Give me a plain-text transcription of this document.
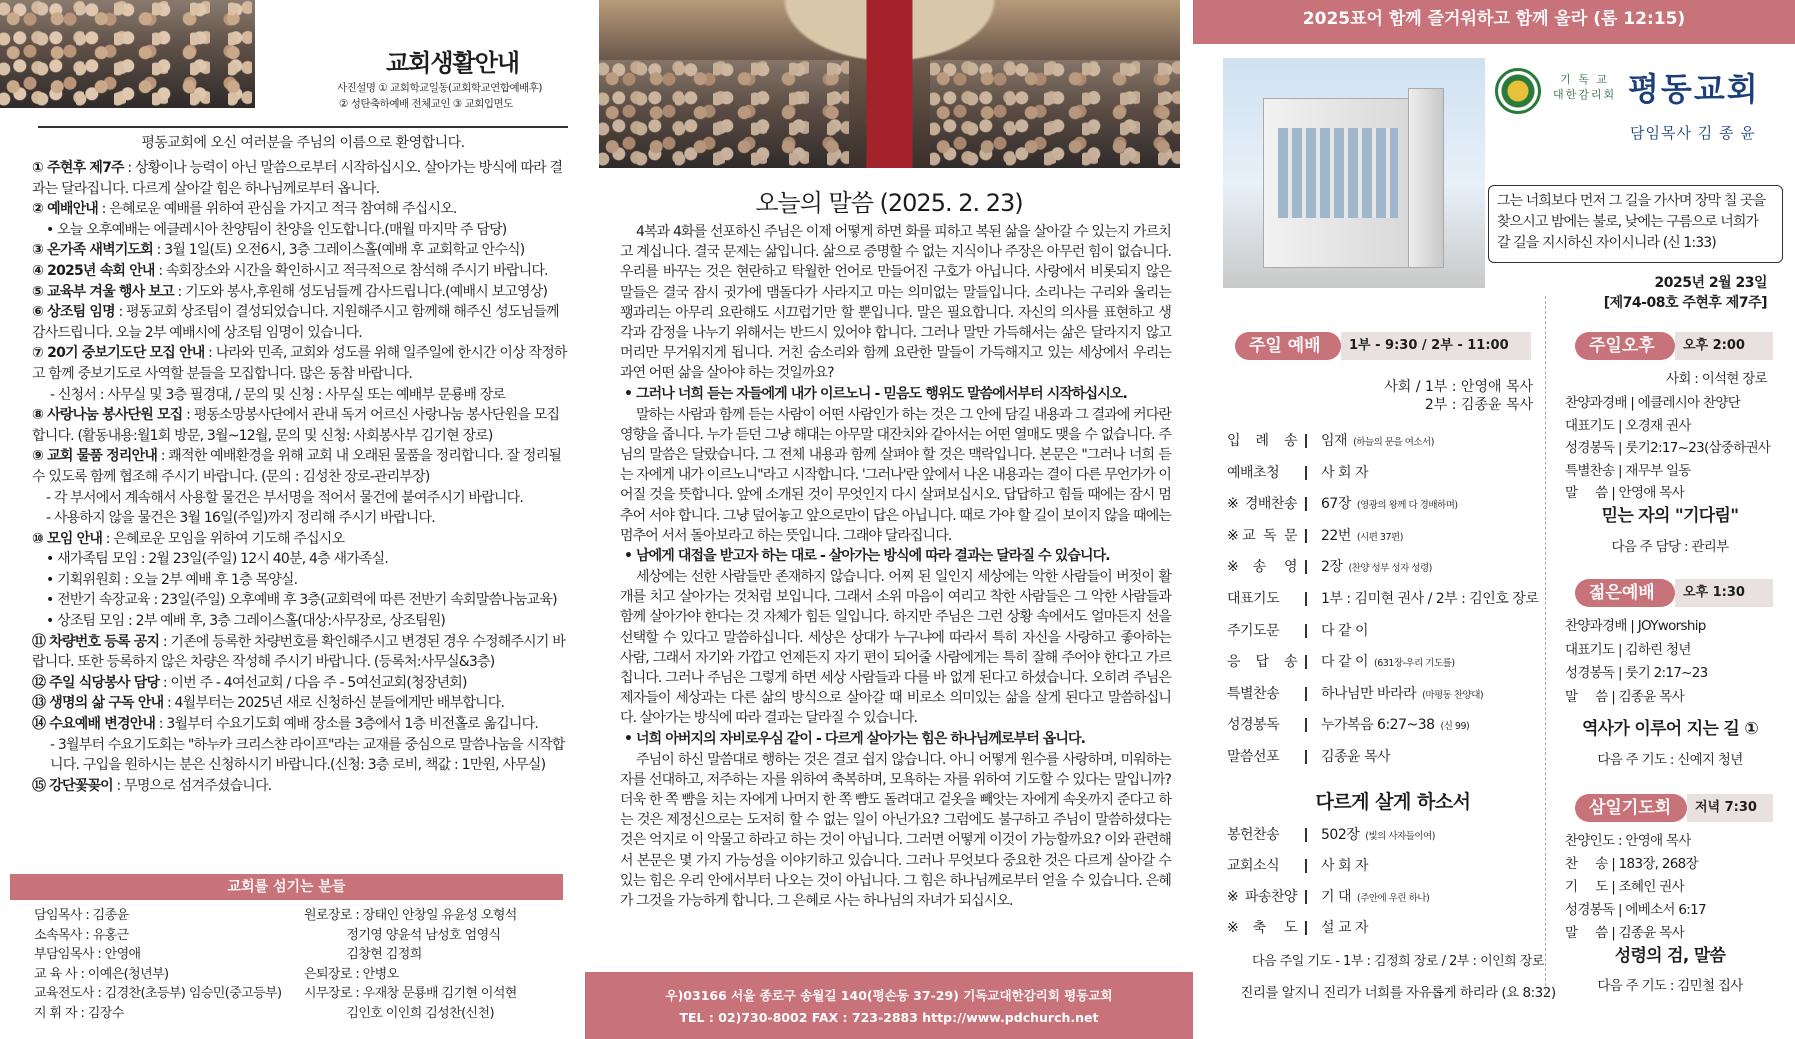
교회생활안내
사진설명 ① 교회학교일동(교회학교연합예배후)
② 성탄축하예배 전체교인 ③ 교회입면도
평동교회에 오신 여러분을 주님의 이름으로 환영합니다.
① 주현후 제7주 : 상황이나 능력이 아닌 말씀으로부터 시작하십시오. 살아가는 방식에 따라 결과는 달라집니다. 다르게 살아갈 힘은 하나님께로부터 옵니다.
② 예배안내 : 은혜로운 예배를 위하여 관심을 가지고 적극 참여해 주십시오.
• 오늘 오후예배는 에클레시아 찬양팀이 찬양을 인도합니다.(매월 마지막 주 담당)
③ 온가족 새벽기도회 : 3월 1일(토) 오전6시, 3층 그레이스홀(예배 후 교회학교 안수식)
④ 2025년 속회 안내 : 속회장소와 시간을 확인하시고 적극적으로 참석해 주시기 바랍니다.
⑤ 교육부 겨울 행사 보고 : 기도와 봉사,후원해 성도님들께 감사드립니다.(예배시 보고영상)
⑥ 상조팀 임명 : 평동교회 상조팀이 결성되었습니다. 지원해주시고 함께해 해주신 성도님들께 감사드립니다. 오늘 2부 예배시에 상조팀 임명이 있습니다.
⑦ 20기 중보기도단 모집 안내 : 나라와 민족, 교회와 성도를 위해 일주일에 한시간 이상 작정하고 함께 중보기도로 사역할 분들을 모집합니다. 많은 동참 바랍니다.
- 신청서 : 사무실 및 3층 필경대, / 문의 및 신청 : 사무실 또는 예배부 문룡배 장로
⑧ 사랑나눔 봉사단원 모집 : 평동소망봉사단에서 관내 독거 어르신 사랑나눔 봉사단원을 모집합니다. (활동내용:월1회 방문, 3월~12월, 문의 및 신청: 사회봉사부 김기현 장로)
⑨ 교회 물품 정리안내 : 쾌적한 예배환경을 위해 교회 내 오래된 물품을 정리합니다. 잘 정리될 수 있도록 함께 협조해 주시기 바랍니다. (문의 : 김성찬 장로-관리부장)
- 각 부서에서 계속해서 사용할 물건은 부서명을 적어서 물건에 붙여주시기 바랍니다.
- 사용하지 않을 물건은 3월 16일(주일)까지 정리해 주시기 바랍니다.
⑩ 모임 안내 : 은혜로운 모임을 위하여 기도해 주십시오
• 새가족팀 모임 : 2월 23일(주일) 12시 40분, 4층 새가족실.
• 기획위원회 : 오늘 2부 예배 후 1층 목양실.
• 전반기 속장교육 : 23일(주일) 오후예배 후 3층(교회력에 따른 전반기 속회말씀나눔교육)
• 상조팀 모임 : 2부 예배 후, 3층 그레이스홀(대상:사무장로, 상조팀원)
⑪ 차량번호 등록 공지 : 기존에 등록한 차량번호를 확인해주시고 변경된 경우 수정해주시기 바랍니다. 또한 등록하지 않은 차량은 작성해 주시기 바랍니다. (등록처:사무실&3층)
⑫ 주일 식당봉사 담당 : 이번 주 - 4여선교회 / 다음 주 - 5여선교회(청장년회)
⑬ 생명의 삶 구독 안내 : 4월부터는 2025년 새로 신청하신 분들에게만 배부합니다.
⑭ 수요예배 변경안내 : 3월부터 수요기도회 예배 장소를 3층에서 1층 비전홀로 옮깁니다.
- 3월부터 수요기도회는 "하누카 크리스챤 라이프"라는 교재를 중심으로 말씀나눔을 시작합니다. 구입을 원하시는 분은 신청하시기 바랍니다.(신청: 3층 로비, 책값 : 1만원, 사무실)
⑮ 강단꽃꽂이 : 무명으로 섬겨주셨습니다.
교회를 섬기는 분들
담임목사 : 김종윤	원로장로 : 장태인 안창일 유윤성 오형석
소속목사 : 유홍근	정기영 양윤석 남성호 엄영식
부담임목사 : 안영애	김창현 김정희
교 육 사 : 이예은(청년부)	은퇴장로 : 안병오
교육전도사 : 김경찬(초등부) 임승민(중고등부)	시무장로 : 우재창 문룡배 김기현 이석현
지 휘 자 : 김장수	김인호 이인희 김성찬(신천)
오늘의 말씀 (2025. 2. 23)
4복과 4화를 선포하신 주님은 이제 어떻게 하면 화를 피하고 복된 삶을 살아갈 수 있는지 가르치고 계십니다. 결국 문제는 삶입니다. 삶으로 증명할 수 없는 지식이나 주장은 아무런 힘이 없습니다. 우리를 바꾸는 것은 현란하고 탁월한 언어로 만들어진 구호가 아닙니다. 사랑에서 비롯되지 않은 말들은 결국 잠시 귓가에 맴돌다가 사라지고 마는 의미없는 말들입니다. 소리나는 구리와 울리는 꽹과리는 아무리 요란해도 시끄럽기만 할 뿐입니다. 말은 필요합니다. 자신의 의사를 표현하고 생각과 감정을 나누기 위해서는 반드시 있어야 합니다. 그러나 말만 가득해서는 삶은 달라지지 않고 머리만 무거워지게 됩니다. 거친 숨소리와 함께 요란한 말들이 가득해지고 있는 세상에서 우리는 과연 어떤 삶을 살아야 하는 것일까요?
• 그러나 너희 듣는 자들에게 내가 이르노니 - 믿음도 행위도 말씀에서부터 시작하십시오.
말하는 사람과 함께 듣는 사람이 어떤 사람인가 하는 것은 그 안에 담길 내용과 그 결과에 커다란 영향을 줍니다. 누가 듣던 그냥 해대는 아무말 대잔치와 같아서는 어떤 열매도 맺을 수 없습니다. 주님의 말씀은 달랐습니다. 그 전체 내용과 함께 살펴야 할 것은 맥락입니다. 본문은 "그러나 너희 듣는 자에게 내가 이르노니"라고 시작합니다. '그러나'란 앞에서 나온 내용과는 결이 다른 무언가가 이어질 것을 뜻합니다. 앞에 소개된 것이 무엇인지 다시 살펴보십시오. 답답하고 힘들 때에는 잠시 멈추어 서야 합니다. 그냥 덮어놓고 앞으로만이 답은 아닙니다. 때로 가야 할 길이 보이지 않을 때에는 멈추어 서서 돌아보라고 하는 뜻입니다. 그래야 달라집니다.
• 남에게 대접을 받고자 하는 대로 - 살아가는 방식에 따라 결과는 달라질 수 있습니다.
세상에는 선한 사람들만 존재하지 않습니다. 어찌 된 일인지 세상에는 악한 사람들이 버젓이 활개를 치고 살아가는 것처럼 보입니다. 그래서 소위 마음이 여리고 착한 사람들은 그 악한 사람들과 함께 살아가야 한다는 것 자체가 힘든 일입니다. 하지만 주님은 그런 상황 속에서도 얼마든지 선을 선택할 수 있다고 말씀하십니다. 세상은 상대가 누구냐에 따라서 특히 자신을 사랑하고 좋아하는 사람, 그래서 자기와 가깝고 언제든지 자기 편이 되어줄 사람에게는 특히 잘해 주어야 한다고 가르칩니다. 그러나 주님은 그렇게 하면 세상 사람들과 다를 바 없게 된다고 하셨습니다. 오히려 주님은 제자들이 세상과는 다른 삶의 방식으로 살아갈 때 비로소 의미있는 삶을 살게 된다고 말씀하십니다. 살아가는 방식에 따라 결과는 달라질 수 있습니다.
• 너희 아버지의 자비로우심 같이 - 다르게 살아가는 힘은 하나님께로부터 옵니다.
주님이 하신 말씀대로 행하는 것은 결코 쉽지 않습니다. 아니 어떻게 원수를 사랑하며, 미워하는 자를 선대하고, 저주하는 자를 위하여 축복하며, 모욕하는 자를 위하여 기도할 수 있다는 말입니까? 더욱 한 쪽 뺨을 치는 자에게 나머지 한 쪽 뺨도 돌려대고 겉옷을 빼앗는 자에게 속옷까지 준다고 하는 것은 제정신으로는 도저히 할 수 없는 일이 아닌가요? 그럼에도 불구하고 주님이 말씀하셨다는 것은 억지로 이 악물고 하라고 하는 것이 아닙니다. 그러면 어떻게 이것이 가능할까요? 이와 관련해서 본문은 몇 가지 가능성을 이야기하고 있습니다. 그러나 무엇보다 중요한 것은 다르게 살아갈 수 있는 힘은 우리 안에서부터 나오는 것이 아닙니다. 그 힘은 하나님께로부터 얻을 수 있습니다. 은혜가 그것을 가능하게 합니다. 그 은혜로 사는 하나님의 자녀가 되십시오.
우)03166 서울 종로구 송월길 140(평손동 37-29) 기독교대한감리회 평동교회
TEL : 02)730-8002 FAX : 723-2883 http://www.pdchurch.net
2025표어 함께 즐거워하고 함께 울라 (롬 12:15)
기 독 교
대한감리회 평동교회
담임목사 김 종 윤
그는 너희보다 먼저 그 길을 가사며 장막 칠 곳을 찾으시고 밤에는 불로, 낮에는 구름으로 너희가 갈 길을 지시하신 자이시니라 (신 1:33)
2025년 2월 23일
[제74-08호 주현후 제7주]
주일 예배	1부 - 9:30 / 2부 - 11:00
사회 / 1부 : 안영애 목사
2부 : 김종윤 목사
입 례 송	임재 (하늘의 문을 여소서)
예배초청	사 회 자
※경배찬송	67장 (영광의 왕께 다 경배하며)
※교 독 문	22번 (시편 37편)
※송 영	2장 (찬양 성부 성자 성령)
대표기도	1부 : 김미현 권사 / 2부 : 김인호 장로
주기도문	다 같 이
응 답 송	다 같 이 (631장-우리 기도를)
특별찬송	하나님만 바라라 (마평동 찬양대)
성경봉독	누가복음 6:27~38 (신 99)
말씀선포	김종윤 목사
다르게 살게 하소서
봉헌찬송	502장 (빛의 사자들이여)
교회소식	사 회 자
※파송찬양	기 대 (주안에 우린 하나)
※축 도	설 교 자
다음 주일 기도 - 1부 : 김정희 장로 / 2부 : 이인희 장로
진리를 알지니 진리가 너희를 자유롭게 하리라 (요 8:32)
주일오후	오후 2:00
사회 : 이석현 장로
찬양과경배 | 에클레시아 찬양단
대표기도 | 오경재 권사
성경봉독 | 룻기2:17~23(삼중하권사
특별찬송 | 재무부 일동
말     씀 | 안영애 목사
믿는 자의 "기다림"
다음 주 담당 : 관리부
젊은예배	오후 1:30
찬양과경배 | JOYworship
대표기도 | 김하린 청년
성경봉독 | 룻기 2:17~23
말     씀 | 김종윤 목사
역사가 이루어 지는 길 ①
다음 주 기도 : 신예지 청년
삼일기도회	저녁 7:30
찬양인도 : 안영애 목사
찬     송 | 183장, 268장
기     도 | 조혜인 권사
성경봉독 | 에베소서 6:17
말     씀 | 김종윤 목사
성령의 검, 말씀
다음 주 기도 : 김민철 집사
